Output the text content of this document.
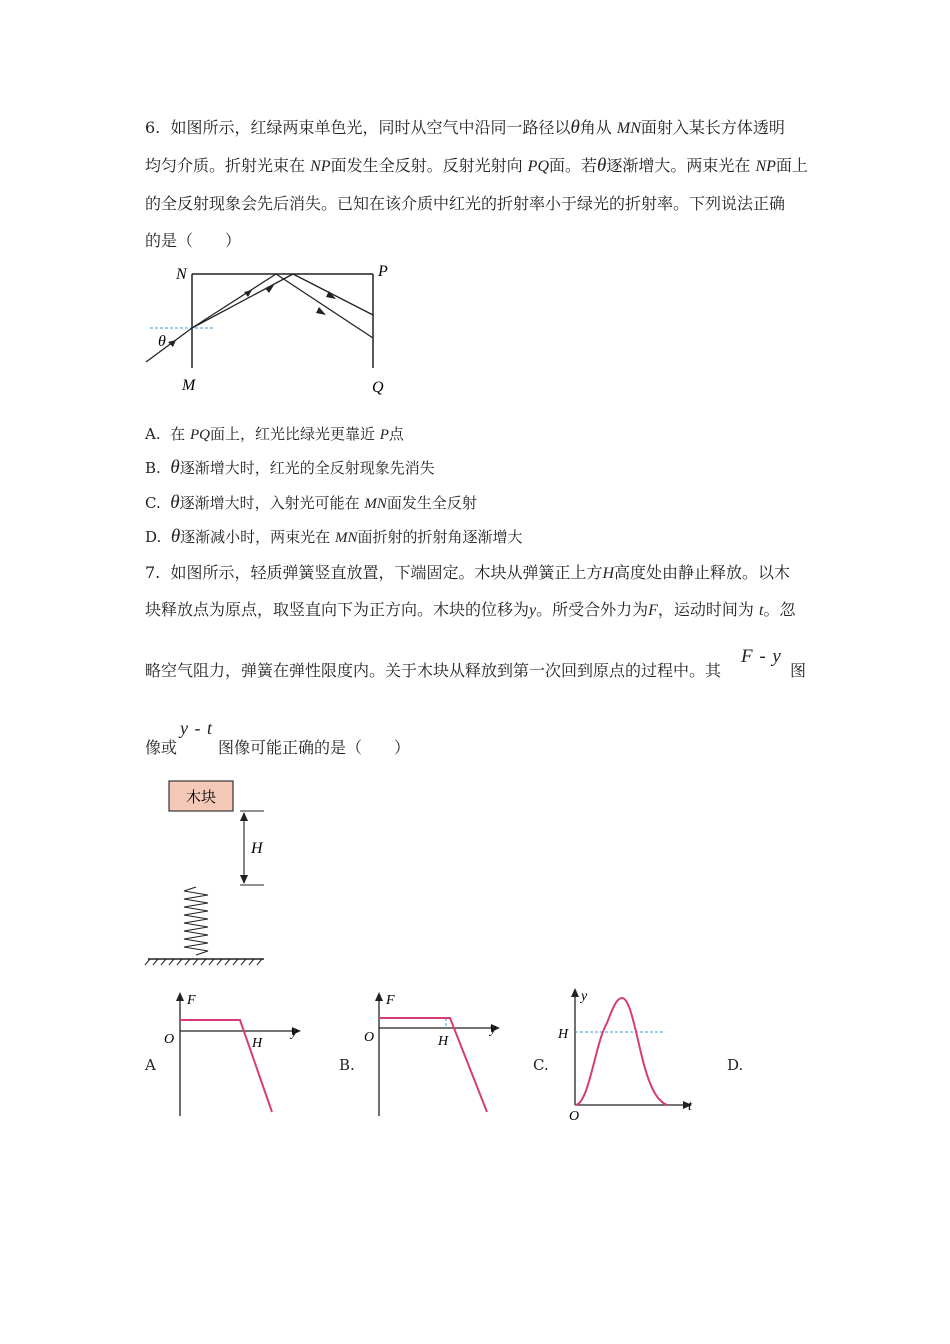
6. 如图所示，红绿两束单色光，同时从空气中沿同一路径以θ角从 MN面射入某长方体透明
均匀介质。折射光束在 NP面发生全反射。反射光射向 PQ面。若θ逐渐增大。两束光在 NP面上
的全反射现象会先后消失。已知在该介质中红光的折射率小于绿光的折射率。下列说法正确
的是（　　）
N	P
M	Q
θ
A. 在 PQ面上，红光比绿光更靠近 P点
B. θ逐渐增大时，红光的全反射现象先消失
C. θ逐渐增大时，入射光可能在 MN面发生全反射
D. θ逐渐减小时，两束光在 MN面折射的折射角逐渐增大
7. 如图所示，轻质弹簧竖直放置，下端固定。木块从弹簧正上方H高度处由静止释放。以木
块释放点为原点，取竖直向下为正方向。木块的位移为y。所受合外力为F，运动时间为 t。忽
略空气阻力，弹簧在弹性限度内。关于木块从释放到第一次回到原点的过程中。其
F - y
图
像或
y - t
图像可能正确的是（　　）
木块
H
A
F
O	y
H
B.
F
O
y
H
C.
y
H
O
t
D.
